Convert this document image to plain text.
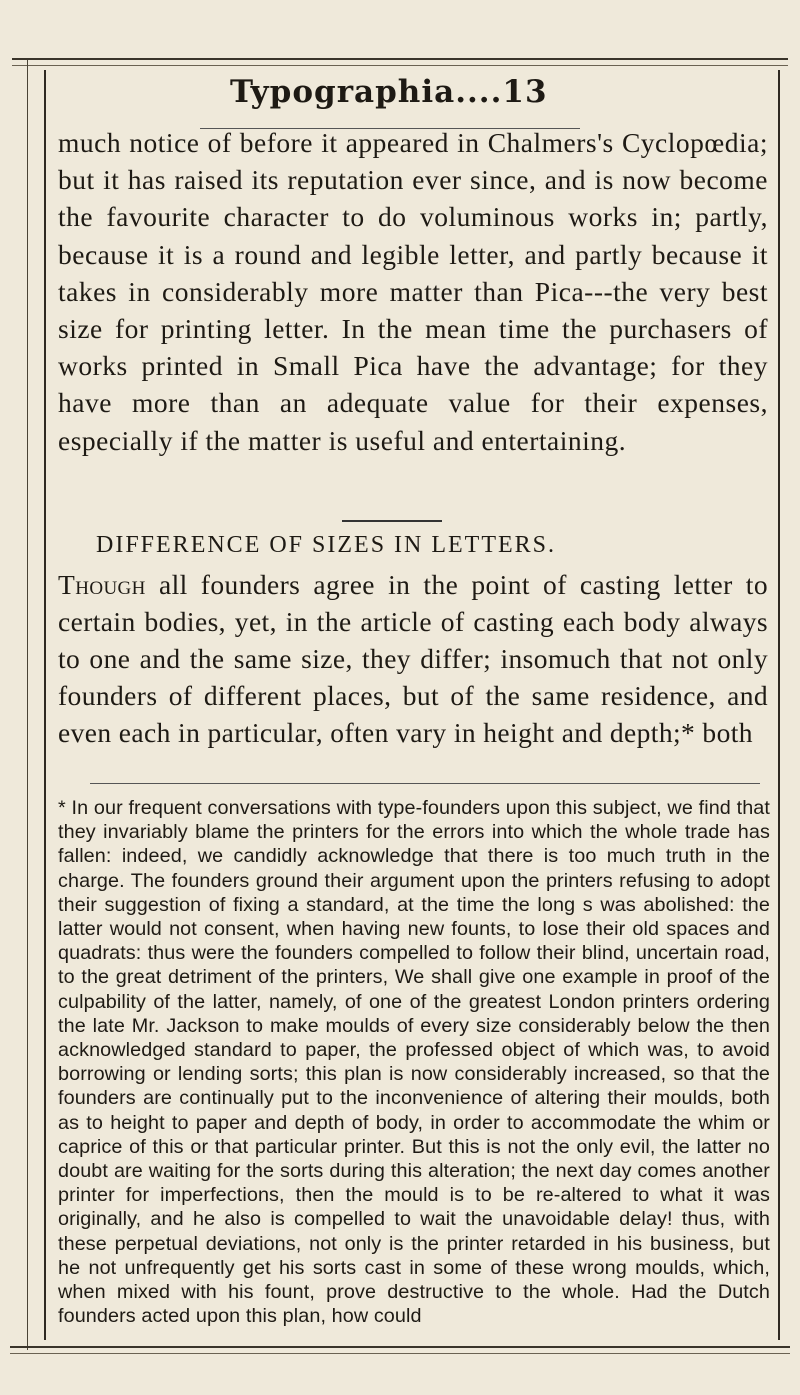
Typographia....13

much notice of before it appeared in Chalmers's Cyclopœdia; but it has raised its reputation ever since, and is now become the favourite character to do voluminous works in; partly, because it is a round and legible letter, and partly because it takes in considerably more matter than Pica---the very best size for printing letter. In the mean time the purchasers of works printed in Small Pica have the advantage; for they have more than an adequate value for their expenses, especially if the matter is useful and entertaining.

DIFFERENCE OF SIZES IN LETTERS.

Though all founders agree in the point of casting letter to certain bodies, yet, in the article of casting each body always to one and the same size, they differ; insomuch that not only founders of different places, but of the same residence, and even each in particular, often vary in height and depth;* both

* In our frequent conversations with type-founders upon this subject, we find that they invariably blame the printers for the errors into which the whole trade has fallen: indeed, we candidly acknowledge that there is too much truth in the charge. The founders ground their argument upon the printers refusing to adopt their suggestion of fixing a standard, at the time the long s was abolished: the latter would not consent, when having new founts, to lose their old spaces and quadrats: thus were the founders compelled to follow their blind, uncertain road, to the great detriment of the printers, We shall give one example in proof of the culpability of the latter, namely, of one of the greatest London printers ordering the late Mr. Jackson to make moulds of every size considerably below the then acknowledged standard to paper, the professed object of which was, to avoid borrowing or lending sorts; this plan is now considerably increased, so that the founders are continually put to the inconvenience of altering their moulds, both as to height to paper and depth of body, in order to accommodate the whim or caprice of this or that particular printer. But this is not the only evil, the latter no doubt are waiting for the sorts during this alteration; the next day comes another printer for imperfections, then the mould is to be re-altered to what it was originally, and he also is compelled to wait the unavoidable delay! thus, with these perpetual deviations, not only is the printer retarded in his business, but he not unfrequently get his sorts cast in some of these wrong moulds, which, when mixed with his fount, prove destructive to the whole. Had the Dutch founders acted upon this plan, how could
